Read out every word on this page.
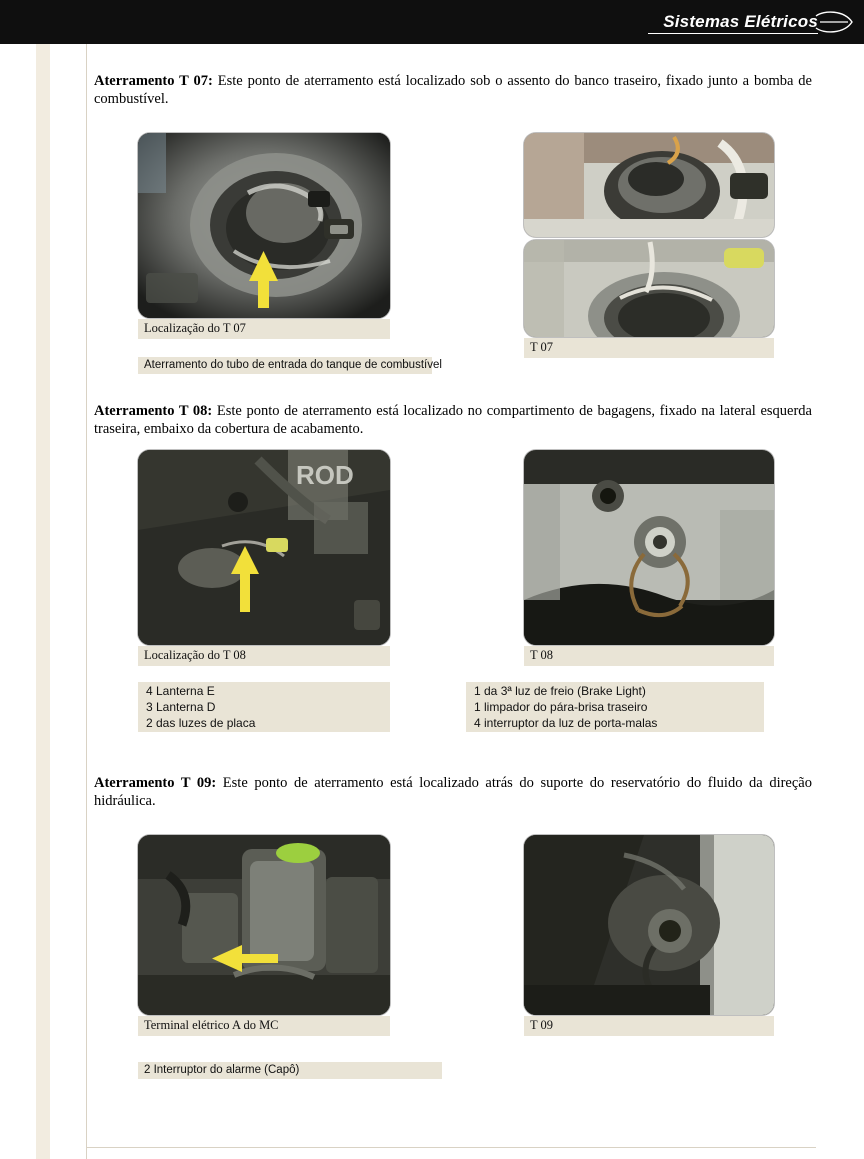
Sistemas Elétricos
Aterramento T 07: Este ponto de aterramento está localizado sob o assento do banco traseiro, fixado junto a bomba de combustível.
Localização do T 07
Aterramento do tubo de entrada do tanque de combustível
T 07
Aterramento T 08: Este ponto de aterramento está localizado no compartimento de bagagens, fixado na lateral esquerda traseira, embaixo da cobertura de acabamento.
ROD
Localização do T 08	T 08
4 Lanterna E
3 Lanterna D
2 das luzes de placa
1 da 3ª luz de freio (Brake Light)
1 limpador do pára-brisa traseiro
4 interruptor da luz de porta-malas
Aterramento T 09: Este ponto de aterramento está localizado atrás do suporte do reservatório do fluido da direção hidráulica.
Terminal elétrico A do MC
2 Interruptor do alarme (Capô)
T 09
